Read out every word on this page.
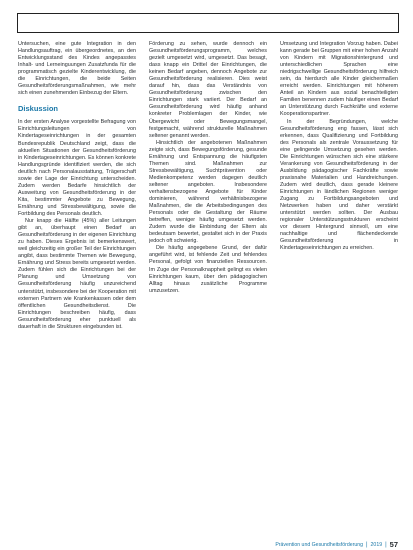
Untersuchen, eine gute Integration in den Handlungsauftrag, ein übergeordnetes, an den Entwicklungsstand des Kindes angepasstes Inhalt- und Lerneinguungen Zusatzfunda für die programmatisch gezielte Kinderentwicklung, die die Einrichtungen, die beide Seiten Gesundheitsförderungsmaßnahmen, wie mehr sich einen zunehmenden Einbezug der Eltern.

Diskussion

In der ersten Analyse vorgestellte Befragung von Einrichtungsleitungen von Kindertageseinrichtungen in der gesamten Bundesrepublik Deutschland zeigt, dass die aktuellen Situationen der Gesundheitsförderung in Kindertageseinrichtungen. Es können konkrete Handlungsgründe identifiziert werden, die sich deutlich nach Personalausstattung, Trägerschaft sowie der Lage der Einrichtung unterscheiden. Zudem werden Bedarfe hinsichtlich der Ausweitung von Gesundheitsförderung in der Kita, bestimmter Angebote zu Bewegung, Ernährung und Stressbewältigung, sowie die Fortbildung des Personals deutlich.

Nur knapp die Hälfte (45%) aller Leitungen gibt an, überhaupt einen Bedarf an Gesundheitsförderung in der eigenen Einrichtung zu haben. Dieses Ergebnis ist bemerkenswert, weil gleichzeitig ein großer Teil der Einrichtungen angibt, dass bestimmte Themen wie Bewegung, Ernährung und Stress bereits umgesetzt werden. Zudem fühlen sich die Einrichtungen bei der Planung und Umsetzung von Gesundheitsförderung häufig unzureichend unterstützt, insbesondere bei der Kooperation mit externen Partnern wie Krankenkassen oder dem öffentlichen Gesundheitsdienst. Die Einrichtungen beschreiben häufig, dass Gesundheitsförderung eher punktuell als dauerhaft in die Strukturen eingebunden ist.

Förderung zu sehen, wurde dennoch ein Gesundheitsförderungsprogramm, welches gezielt umgesetzt wird, umgesetzt. Das besagt, dass knapp ein Drittel der Einrichtungen, die keinen Bedarf angeben, dennoch Angebote zur Gesundheitsförderung realisieren. Dies weist darauf hin, dass das Verständnis von Gesundheitsförderung zwischen den Einrichtungen stark variiert. Der Bedarf an Gesundheitsförderung wird häufig anhand konkreter Problemlagen der Kinder, wie Übergewicht oder Bewegungsmangel, festgemacht, während strukturelle Maßnahmen seltener genannt werden.

Hinsichtlich der angebotenen Maßnahmen zeigte sich, dass Bewegungsförderung, gesunde Ernährung und Entspannung die häufigsten Themen sind. Maßnahmen zur Stressbewältigung, Suchtprävention oder Medienkompetenz werden dagegen deutlich seltener angeboten. Insbesondere verhaltensbezogene Angebote für Kinder dominieren, während verhältnisbezogene Maßnahmen, die die Arbeitsbedingungen des Personals oder die Gestaltung der Räume betreffen, weniger häufig umgesetzt werden. Zudem wurde die Einbindung der Eltern als bedeutsam bewertet, gestaltet sich in der Praxis jedoch oft schwierig.

Die häufig angegebene Grund, der dafür angeführt wird, ist fehlende Zeit und fehlendes Personal, gefolgt von finanziellen Ressourcen. Im Zuge der Personalknappheit gelingt es vielen Einrichtungen kaum, über den pädagogischen Alltag hinaus zusätzliche Programme umzusetzen.

Umsetzung und Integration Vorzug haben. Dabei kann gerade bei Gruppen mit einer hohen Anzahl von Kindern mit Migrationshintergrund und unterschiedlichen Sprachen eine niedrigschwellige Gesundheitsförderung hilfreich sein, da hierdurch alle Kinder gleichermaßen erreicht werden. Einrichtungen mit höherem Anteil an Kindern aus sozial benachteiligten Familien benennen zudem häufiger einen Bedarf an Unterstützung durch Fachkräfte und externe Kooperationspartner.

In der Begründungen, welche Gesundheitsförderung eng fassen, lässt sich erkennen, dass Qualifizierung und Fortbildung des Personals als zentrale Voraussetzung für eine gelingende Umsetzung gesehen werden. Die Einrichtungen wünschen sich eine stärkere Verankerung von Gesundheitsförderung in der Ausbildung pädagogischer Fachkräfte sowie praxisnahe Materialien und Handreichungen. Zudem wird deutlich, dass gerade kleinere Einrichtungen in ländlichen Regionen weniger Zugang zu Fortbildungsangeboten und Netzwerken haben und daher verstärkt unterstützt werden sollten. Der Ausbau regionaler Unterstützungsstrukturen erscheint vor diesem Hintergrund sinnvoll, um eine nachhaltige und flächendeckende Gesundheitsförderung in Kindertageseinrichtungen zu erreichen.

Prävention und Gesundheitsförderung | 2019 | 57
